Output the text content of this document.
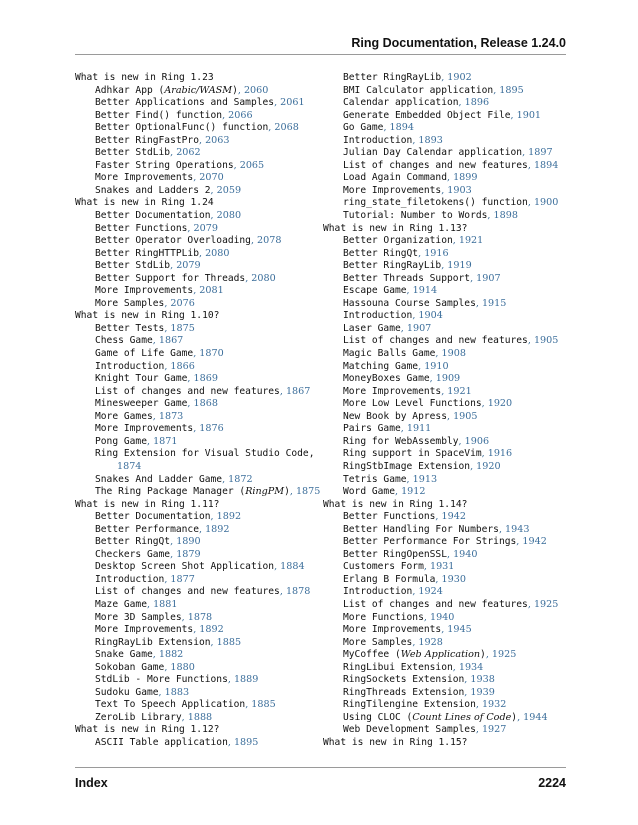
Ring Documentation, Release 1.24.0
What is new in Ring 1.23
Adhkar App (Arabic/WASM), 2060
Better Applications and Samples, 2061
Better Find() function, 2066
Better OptionalFunc() function, 2068
Better RingFastPro, 2063
Better StdLib, 2062
Faster String Operations, 2065
More Improvements, 2070
Snakes and Ladders 2, 2059
What is new in Ring 1.24
Better Documentation, 2080
Better Functions, 2079
Better Operator Overloading, 2078
Better RingHTTPLib, 2080
Better StdLib, 2079
Better Support for Threads, 2080
More Improvements, 2081
More Samples, 2076
What is new in Ring 1.10?
Better Tests, 1875
Chess Game, 1867
Game of Life Game, 1870
Introduction, 1866
Knight Tour Game, 1869
List of changes and new features, 1867
Minesweeper Game, 1868
More Games, 1873
More Improvements, 1876
Pong Game, 1871
Ring Extension for Visual Studio Code,
1874
Snakes And Ladder Game, 1872
The Ring Package Manager (RingPM), 1875
What is new in Ring 1.11?
Better Documentation, 1892
Better Performance, 1892
Better RingQt, 1890
Checkers Game, 1879
Desktop Screen Shot Application, 1884
Introduction, 1877
List of changes and new features, 1878
Maze Game, 1881
More 3D Samples, 1878
More Improvements, 1892
RingRayLib Extension, 1885
Snake Game, 1882
Sokoban Game, 1880
StdLib - More Functions, 1889
Sudoku Game, 1883
Text To Speech Application, 1885
ZeroLib Library, 1888
What is new in Ring 1.12?
ASCII Table application, 1895
Better RingRayLib, 1902
BMI Calculator application, 1895
Calendar application, 1896
Generate Embedded Object File, 1901
Go Game, 1894
Introduction, 1893
Julian Day Calendar application, 1897
List of changes and new features, 1894
Load Again Command, 1899
More Improvements, 1903
ring_state_filetokens() function, 1900
Tutorial: Number to Words, 1898
What is new in Ring 1.13?
Better Organization, 1921
Better RingQt, 1916
Better RingRayLib, 1919
Better Threads Support, 1907
Escape Game, 1914
Hassouna Course Samples, 1915
Introduction, 1904
Laser Game, 1907
List of changes and new features, 1905
Magic Balls Game, 1908
Matching Game, 1910
MoneyBoxes Game, 1909
More Improvements, 1921
More Low Level Functions, 1920
New Book by Apress, 1905
Pairs Game, 1911
Ring for WebAssembly, 1906
Ring support in SpaceVim, 1916
RingStbImage Extension, 1920
Tetris Game, 1913
Word Game, 1912
What is new in Ring 1.14?
Better Functions, 1942
Better Handling For Numbers, 1943
Better Performance For Strings, 1942
Better RingOpenSSL, 1940
Customers Form, 1931
Erlang B Formula, 1930
Introduction, 1924
List of changes and new features, 1925
More Functions, 1940
More Improvements, 1945
More Samples, 1928
MyCoffee (Web Application), 1925
RingLibui Extension, 1934
RingSockets Extension, 1938
RingThreads Extension, 1939
RingTilengine Extension, 1932
Using CLOC (Count Lines of Code), 1944
Web Development Samples, 1927
What is new in Ring 1.15?
Index	2224
